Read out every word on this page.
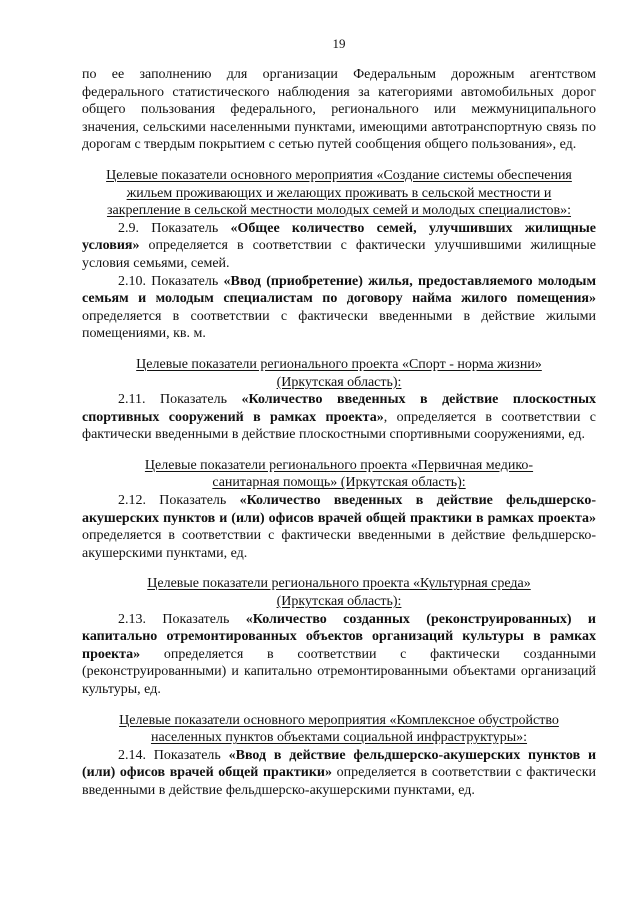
19

по ее заполнению для организации Федеральным дорожным агентством федерального статистического наблюдения за категориями автомобильных дорог общего пользования федерального, регионального или межмуниципального значения, сельскими населенными пунктами, имеющими автотранспортную связь по дорогам с твердым покрытием с сетью путей сообщения общего пользования», ед.

Целевые показатели основного мероприятия «Создание системы обеспечения жильем проживающих и желающих проживать в сельской местности и закрепление в сельской местности молодых семей и молодых специалистов»:

2.9. Показатель «Общее количество семей, улучшивших жилищные условия» определяется в соответствии с фактически улучшившими жилищные условия семьями, семей.

2.10. Показатель «Ввод (приобретение) жилья, предоставляемого молодым семьям и молодым специалистам по договору найма жилого помещения» определяется в соответствии с фактически введенными в действие жилыми помещениями, кв. м.

Целевые показатели регионального проекта «Спорт - норма жизни» (Иркутская область):

2.11. Показатель «Количество введенных в действие плоскостных спортивных сооружений в рамках проекта», определяется в соответствии с фактически введенными в действие плоскостными спортивными сооружениями, ед.

Целевые показатели регионального проекта «Первичная медико-санитарная помощь» (Иркутская область):

2.12. Показатель «Количество введенных в действие фельдшерско-акушерских пунктов и (или) офисов врачей общей практики в рамках проекта» определяется в соответствии с фактически введенными в действие фельдшерско-акушерскими пунктами, ед.

Целевые показатели регионального проекта «Культурная среда» (Иркутская область):

2.13. Показатель «Количество созданных (реконструированных) и капитально отремонтированных объектов организаций культуры в рамках проекта» определяется в соответствии с фактически созданными (реконструированными) и капитально отремонтированными объектами организаций культуры, ед.

Целевые показатели основного мероприятия «Комплексное обустройство населенных пунктов объектами социальной инфраструктуры»:

2.14. Показатель «Ввод в действие фельдшерско-акушерских пунктов и (или) офисов врачей общей практики» определяется в соответствии с фактически введенными в действие фельдшерско-акушерскими пунктами, ед.
